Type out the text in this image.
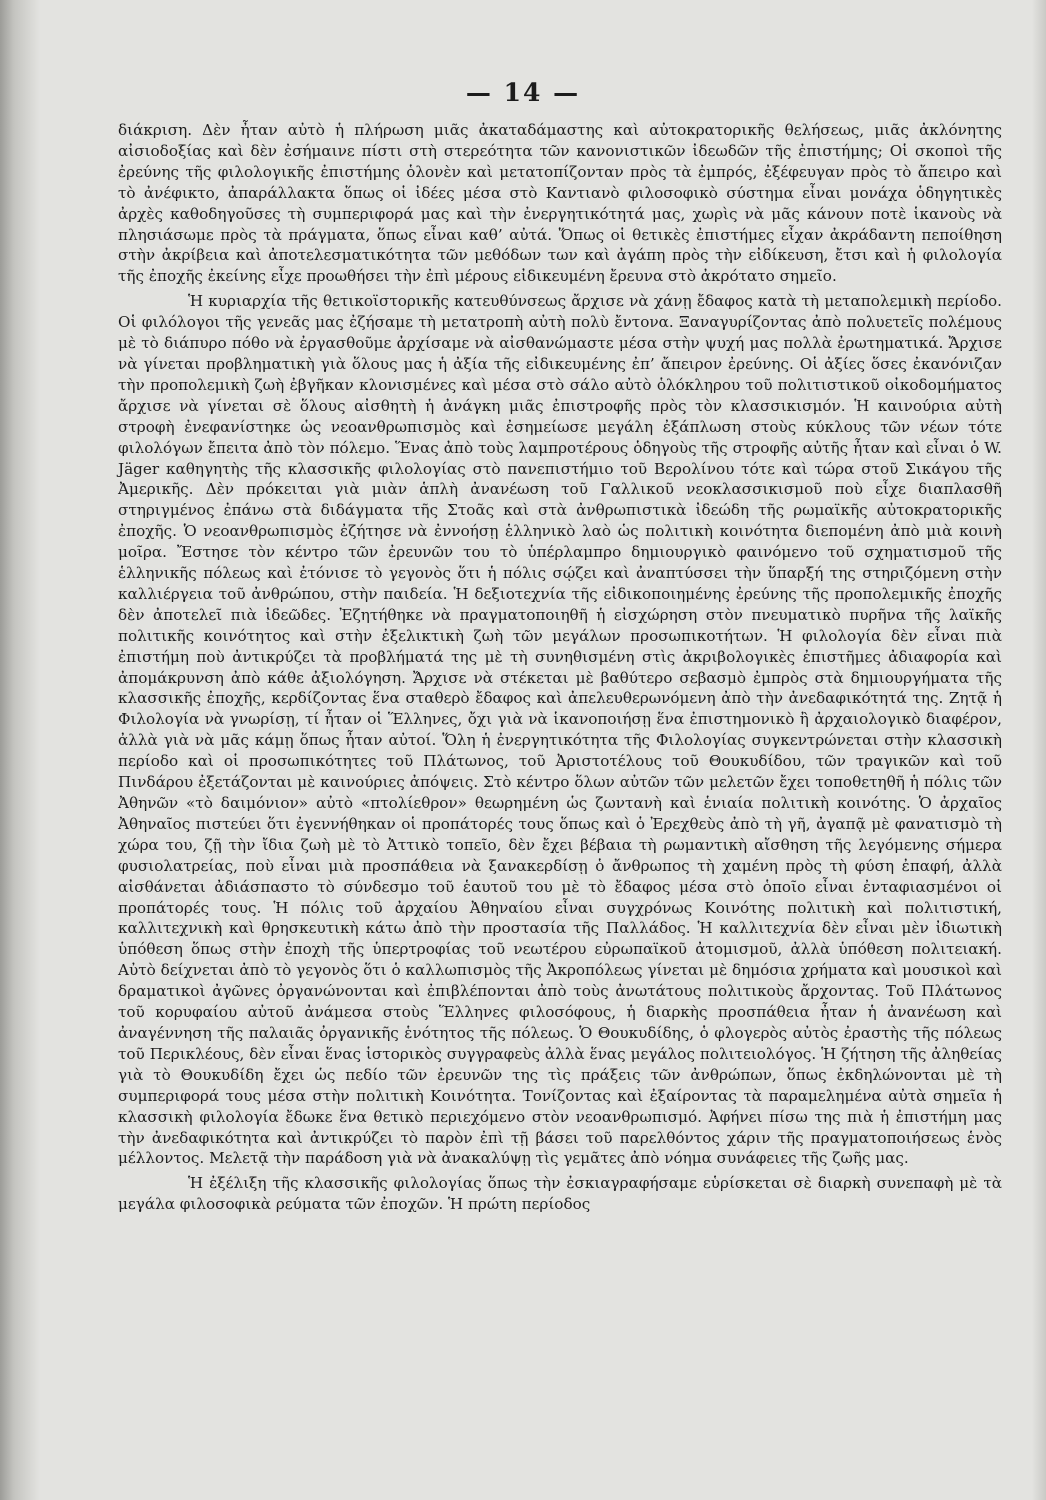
— 14 —

διάκριση. Δὲν ἦταν αὐτὸ ἡ πλήρωση μιᾶς ἀκαταδάμαστης καὶ αὐτοκρατορικῆς θελήσεως, μιᾶς ἀκλόνητης αἰσιοδοξίας καὶ δὲν ἐσήμαινε πίστι στὴ στερεότητα τῶν κανονιστικῶν ἰδεωδῶν τῆς ἐπιστήμης; Οἱ σκοποὶ τῆς ἐρεύνης τῆς φιλολογικῆς ἐπιστήμης ὁλονὲν καὶ μετατοπίζονταν πρὸς τὰ ἐμπρός, ἐξέφευγαν πρὸς τὸ ἄπειρο καὶ τὸ ἀνέφικτο, ἀπαράλλακτα ὅπως οἱ ἰδέες μέσα στὸ Καντιανὸ φιλοσοφικὸ σύστημα εἶναι μονάχα ὁδηγητικὲς ἀρχὲς καθοδηγοῦσες τὴ συμπεριφορά μας καὶ τὴν ἐνεργητικότητά μας, χωρὶς νὰ μᾶς κάνουν ποτὲ ἱκανοὺς νὰ πλησιάσωμε πρὸς τὰ πράγματα, ὅπως εἶναι καθ’ αὐτά. Ὅπως οἱ θετικὲς ἐπιστήμες εἶχαν ἀκράδαντη πεποίθηση στὴν ἀκρίβεια καὶ ἀποτελεσματικότητα τῶν μεθόδων των καὶ ἀγάπη πρὸς τὴν εἰδίκευση, ἔτσι καὶ ἡ φιλολογία τῆς ἐποχῆς ἐκείνης εἶχε προωθήσει τὴν ἐπὶ μέρους εἰδικευμένη ἔρευνα στὸ ἀκρότατο σημεῖο.

Ἡ κυριαρχία τῆς θετικοϊστορικῆς κατευθύνσεως ἄρχισε νὰ χάνῃ ἔδαφος κατὰ τὴ μεταπολεμικὴ περίοδο. Οἱ φιλόλογοι τῆς γενεᾶς μας ἐζήσαμε τὴ μετατροπὴ αὐτὴ πολὺ ἔντονα. Ξαναγυρίζοντας ἀπὸ πολυετεῖς πολέμους μὲ τὸ διάπυρο πόθο νὰ ἐργασθοῦμε ἀρχίσαμε νὰ αἰσθανώμαστε μέσα στὴν ψυχή μας πολλὰ ἐρωτηματικά. Ἄρχισε νὰ γίνεται προβληματικὴ γιὰ ὅλους μας ἡ ἀξία τῆς εἰδικευμένης ἐπ’ ἄπειρον ἐρεύνης. Οἱ ἀξίες ὅσες ἐκανόνιζαν τὴν προπολεμικὴ ζωὴ ἐβγῆκαν κλονισμένες καὶ μέσα στὸ σάλο αὐτὸ ὁλόκληρου τοῦ πολιτιστικοῦ οἰκοδομήματος ἄρχισε νὰ γίνεται σὲ ὅλους αἰσθητὴ ἡ ἀνάγκη μιᾶς ἐπιστροφῆς πρὸς τὸν κλασσικισμόν. Ἡ καινούρια αὐτὴ στροφὴ ἐνεφανίστηκε ὡς νεοανθρωπισμὸς καὶ ἐσημείωσε μεγάλη ἐξάπλωση στοὺς κύκλους τῶν νέων τότε φιλολόγων ἔπειτα ἀπὸ τὸν πόλεμο. Ἕνας ἀπὸ τοὺς λαμπροτέρους ὁδηγοὺς τῆς στροφῆς αὐτῆς ἦταν καὶ εἶναι ὁ W. Jäger καθηγητὴς τῆς κλασσικῆς φιλολογίας στὸ πανεπιστήμιο τοῦ Βερολίνου τότε καὶ τώρα στοῦ Σικάγου τῆς Ἀμερικῆς. Δὲν πρόκειται γιὰ μιὰν ἁπλὴ ἀνανέωση τοῦ Γαλλικοῦ νεοκλασσικισμοῦ ποὺ εἶχε διαπλασθῆ στηριγμένος ἐπάνω στὰ διδάγματα τῆς Στοᾶς καὶ στὰ ἀνθρωπιστικὰ ἰδεώδη τῆς ρωμαϊκῆς αὐτοκρατορικῆς ἐποχῆς. Ὁ νεοανθρωπισμὸς ἐζήτησε νὰ ἐννοήσῃ ἑλληνικὸ λαὸ ὡς πολιτικὴ κοινότητα διεπομένη ἀπὸ μιὰ κοινὴ μοῖρα. Ἔστησε τὸν κέντρο τῶν ἐρευνῶν του τὸ ὑπέρλαμπρο δημιουργικὸ φαινόμενο τοῦ σχηματισμοῦ τῆς ἑλληνικῆς πόλεως καὶ ἐτόνισε τὸ γεγονὸς ὅτι ἡ πόλις σῴζει καὶ ἀναπτύσσει τὴν ὕπαρξή της στηριζόμενη στὴν καλλιέργεια τοῦ ἀνθρώπου, στὴν παιδεία. Ἡ δεξιοτεχνία τῆς εἰδικοποιημένης ἐρεύνης τῆς προπολεμικῆς ἐποχῆς δὲν ἀποτελεῖ πιὰ ἰδεῶδες. Ἐζητήθηκε νὰ πραγματοποιηθῆ ἡ εἰσχώρηση στὸν πνευματικὸ πυρῆνα τῆς λαϊκῆς πολιτικῆς κοινότητος καὶ στὴν ἐξελικτικὴ ζωὴ τῶν μεγάλων προσωπικοτήτων. Ἡ φιλολογία δὲν εἶναι πιὰ ἐπιστήμη ποὺ ἀντικρύζει τὰ προβλήματά της μὲ τὴ συνηθισμένη στὶς ἀκριβολογικὲς ἐπιστῆμες ἀδιαφορία καὶ ἀπομάκρυνση ἀπὸ κάθε ἀξιολόγηση. Ἄρχισε νὰ στέκεται μὲ βαθύτερο σεβασμὸ ἐμπρὸς στὰ δημιουργήματα τῆς κλασσικῆς ἐποχῆς, κερδίζοντας ἕνα σταθερὸ ἔδαφος καὶ ἀπελευθερωνόμενη ἀπὸ τὴν ἀνεδαφικότητά της. Ζητᾷ ἡ Φιλολογία νὰ γνωρίσῃ, τί ἦταν οἱ Ἕλληνες, ὄχι γιὰ νὰ ἱκανοποιήσῃ ἕνα ἐπιστημονικὸ ἢ ἀρχαιολογικὸ διαφέρον, ἀλλὰ γιὰ νὰ μᾶς κάμῃ ὅπως ἦταν αὐτοί. Ὅλη ἡ ἐνεργητικότητα τῆς Φιλολογίας συγκεντρώνεται στὴν κλασσικὴ περίοδο καὶ οἱ προσωπικότητες τοῦ Πλάτωνος, τοῦ Ἀριστοτέλους τοῦ Θουκυδίδου, τῶν τραγικῶν καὶ τοῦ Πινδάρου ἐξετάζονται μὲ καινούριες ἀπόψεις. Στὸ κέντρο ὅλων αὐτῶν τῶν μελετῶν ἔχει τοποθετηθῆ ἡ πόλις τῶν Ἀθηνῶν «τὸ δαιμόνιον» αὐτὸ «πτολίεθρον» θεωρημένη ὡς ζωντανὴ καὶ ἑνιαία πολιτικὴ κοινότης. Ὁ ἀρχαῖος Ἀθηναῖος πιστεύει ὅτι ἐγεννήθηκαν οἱ προπάτορές τους ὅπως καὶ ὁ Ἐρεχθεὺς ἀπὸ τὴ γῆ, ἀγαπᾷ μὲ φανατισμὸ τὴ χώρα του, ζῇ τὴν ἴδια ζωὴ μὲ τὸ Ἀττικὸ τοπεῖο, δὲν ἔχει βέβαια τὴ ρωμαντικὴ αἴσθηση τῆς λεγόμενης σήμερα φυσιολατρείας, ποὺ εἶναι μιὰ προσπάθεια νὰ ξανακερδίσῃ ὁ ἄνθρωπος τὴ χαμένη πρὸς τὴ φύση ἐπαφή, ἀλλὰ αἰσθάνεται ἀδιάσπαστο τὸ σύνδεσμο τοῦ ἑαυτοῦ του μὲ τὸ ἔδαφος μέσα στὸ ὁποῖο εἶναι ἐνταφιασμένοι οἱ προπάτορές τους. Ἡ πόλις τοῦ ἀρχαίου Ἀθηναίου εἶναι συγχρόνως Κοινότης πολιτικὴ καὶ πολιτιστική, καλλιτεχνικὴ καὶ θρησκευτικὴ κάτω ἀπὸ τὴν προστασία τῆς Παλλάδος. Ἡ καλλιτεχνία δὲν εἶναι μὲν ἰδιωτικὴ ὑπόθεση ὅπως στὴν ἐποχὴ τῆς ὑπερτροφίας τοῦ νεωτέρου εὐρωπαϊκοῦ ἀτομισμοῦ, ἀλλὰ ὑπόθεση πολιτειακή. Αὐτὸ δείχνεται ἀπὸ τὸ γεγονὸς ὅτι ὁ καλλωπισμὸς τῆς Ἀκροπόλεως γίνεται μὲ δημόσια χρήματα καὶ μουσικοὶ καὶ δραματικοὶ ἀγῶνες ὀργανώνονται καὶ ἐπιβλέπονται ἀπὸ τοὺς ἀνωτάτους πολιτικοὺς ἄρχοντας. Τοῦ Πλάτωνος τοῦ κορυφαίου αὐτοῦ ἀνάμεσα στοὺς Ἕλληνες φιλοσόφους, ἡ διαρκὴς προσπάθεια ἦταν ἡ ἀνανέωση καὶ ἀναγέννηση τῆς παλαιᾶς ὀργανικῆς ἑνότητος τῆς πόλεως. Ὁ Θουκυδίδης, ὁ φλογερὸς αὐτὸς ἐραστὴς τῆς πόλεως τοῦ Περικλέους, δὲν εἶναι ἕνας ἱστορικὸς συγγραφεὺς ἀλλὰ ἕνας μεγάλος πολιτειολόγος. Ἡ ζήτηση τῆς ἀληθείας γιὰ τὸ Θουκυδίδη ἔχει ὡς πεδίο τῶν ἐρευνῶν της τὶς πράξεις τῶν ἀνθρώπων, ὅπως ἐκδηλώνονται μὲ τὴ συμπεριφορά τους μέσα στὴν πολιτικὴ Κοινότητα. Τονίζοντας καὶ ἐξαίροντας τὰ παραμελημένα αὐτὰ σημεῖα ἡ κλασσικὴ φιλολογία ἔδωκε ἕνα θετικὸ περιεχόμενο στὸν νεοανθρωπισμό. Ἀφήνει πίσω της πιὰ ἡ ἐπιστήμη μας τὴν ἀνεδαφικότητα καὶ ἀντικρύζει τὸ παρὸν ἐπὶ τῇ βάσει τοῦ παρελθόντος χάριν τῆς πραγματοποιήσεως ἑνὸς μέλλοντος. Μελετᾷ τὴν παράδοση γιὰ νὰ ἀνακαλύψῃ τὶς γεμᾶτες ἀπὸ νόημα συνάφειες τῆς ζωῆς μας.

Ἡ ἐξέλιξη τῆς κλασσικῆς φιλολογίας ὅπως τὴν ἐσκιαγραφήσαμε εὑρίσκεται σὲ διαρκὴ συνεπαφὴ μὲ τὰ μεγάλα φιλοσοφικὰ ρεύματα τῶν ἐποχῶν. Ἡ πρώτη περίοδος
